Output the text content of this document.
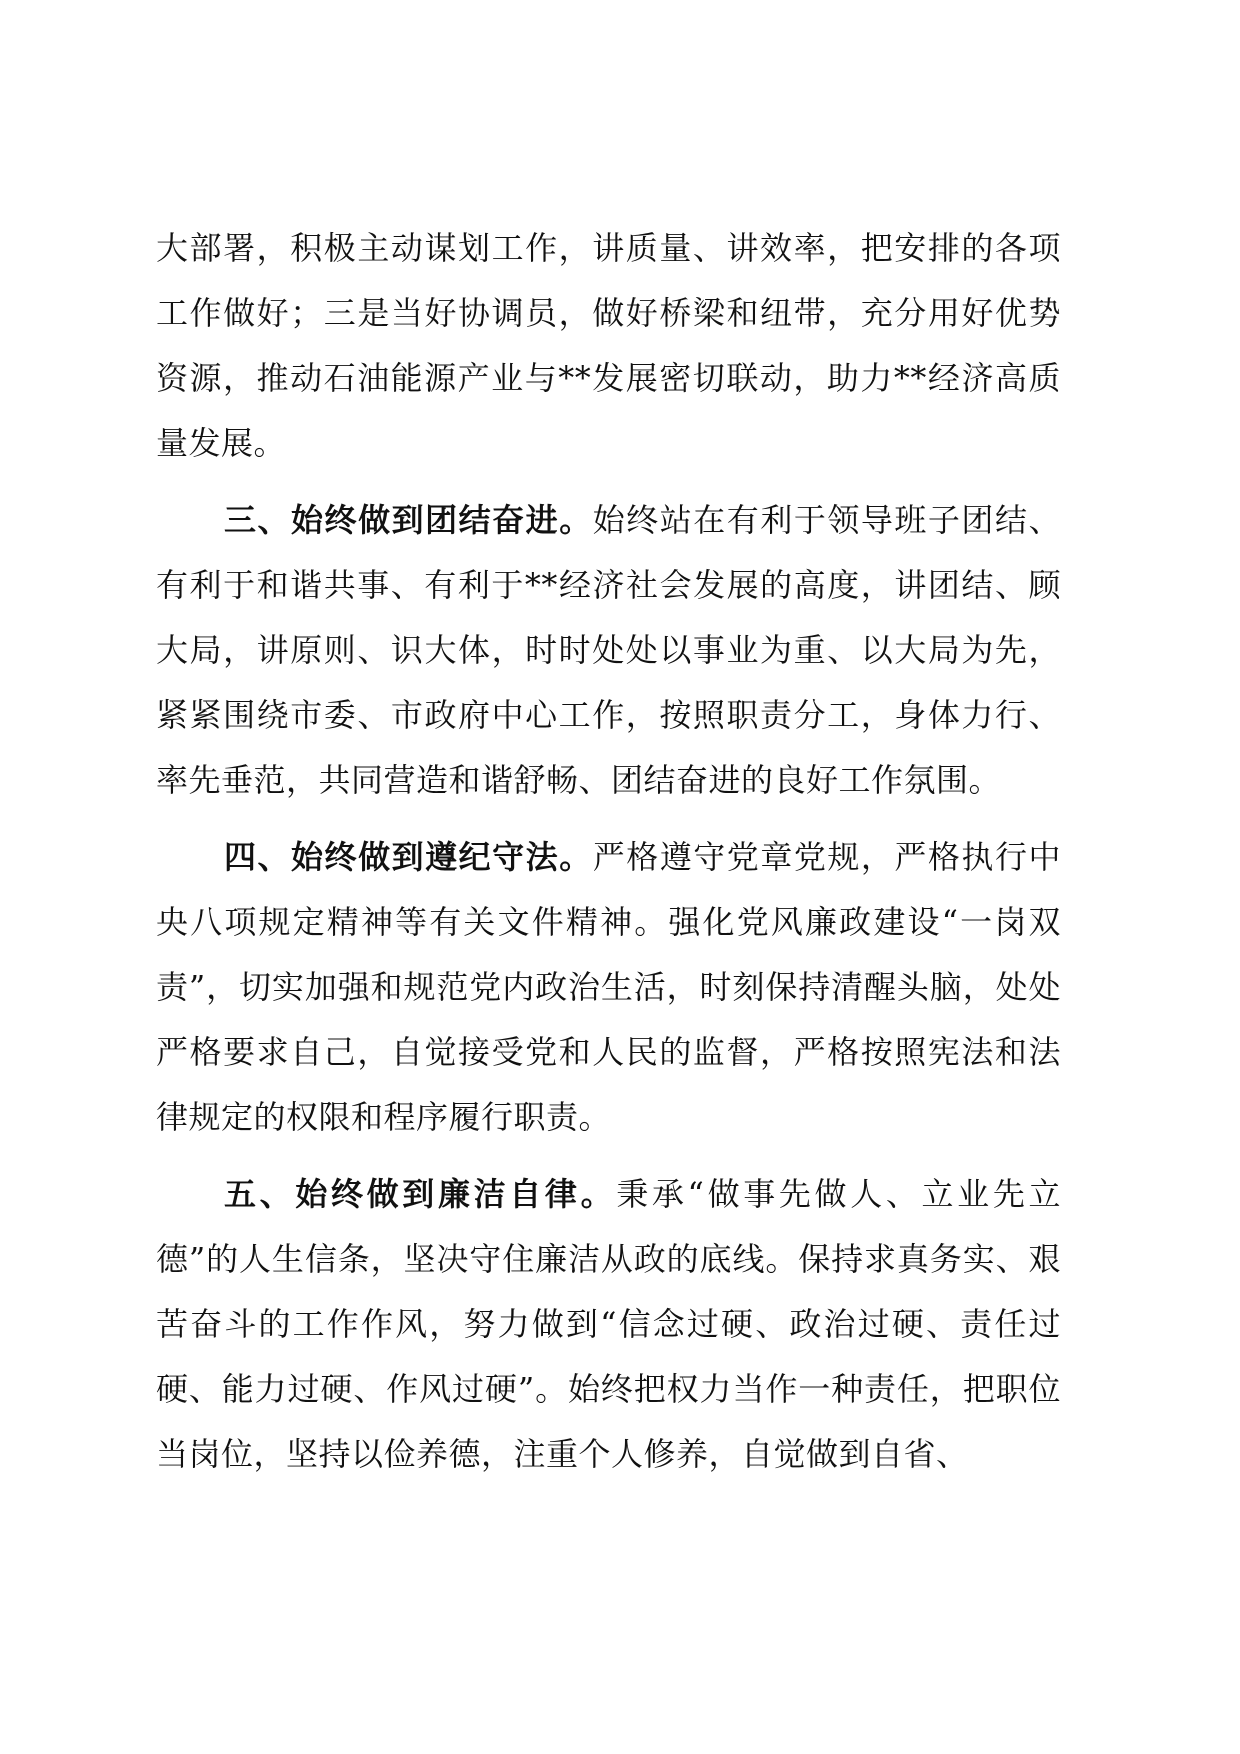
大部署，积极主动谋划工作，讲质量、讲效率，把安排的各项工作做好；三是当好协调员，做好桥梁和纽带，充分用好优势资源，推动石油能源产业与**发展密切联动，助力**经济高质量发展。

三、始终做到团结奋进。始终站在有利于领导班子团结、有利于和谐共事、有利于**经济社会发展的高度，讲团结、顾大局，讲原则、识大体，时时处处以事业为重、以大局为先，紧紧围绕市委、市政府中心工作，按照职责分工，身体力行、率先垂范，共同营造和谐舒畅、团结奋进的良好工作氛围。

四、始终做到遵纪守法。严格遵守党章党规，严格执行中央八项规定精神等有关文件精神。强化党风廉政建设“一岗双责”，切实加强和规范党内政治生活，时刻保持清醒头脑，处处严格要求自己，自觉接受党和人民的监督，严格按照宪法和法律规定的权限和程序履行职责。

五、始终做到廉洁自律。秉承“做事先做人、立业先立德”的人生信条，坚决守住廉洁从政的底线。保持求真务实、艰苦奋斗的工作作风，努力做到“信念过硬、政治过硬、责任过硬、能力过硬、作风过硬”。始终把权力当作一种责任，把职位当岗位，坚持以俭养德，注重个人修养，自觉做到自省、
